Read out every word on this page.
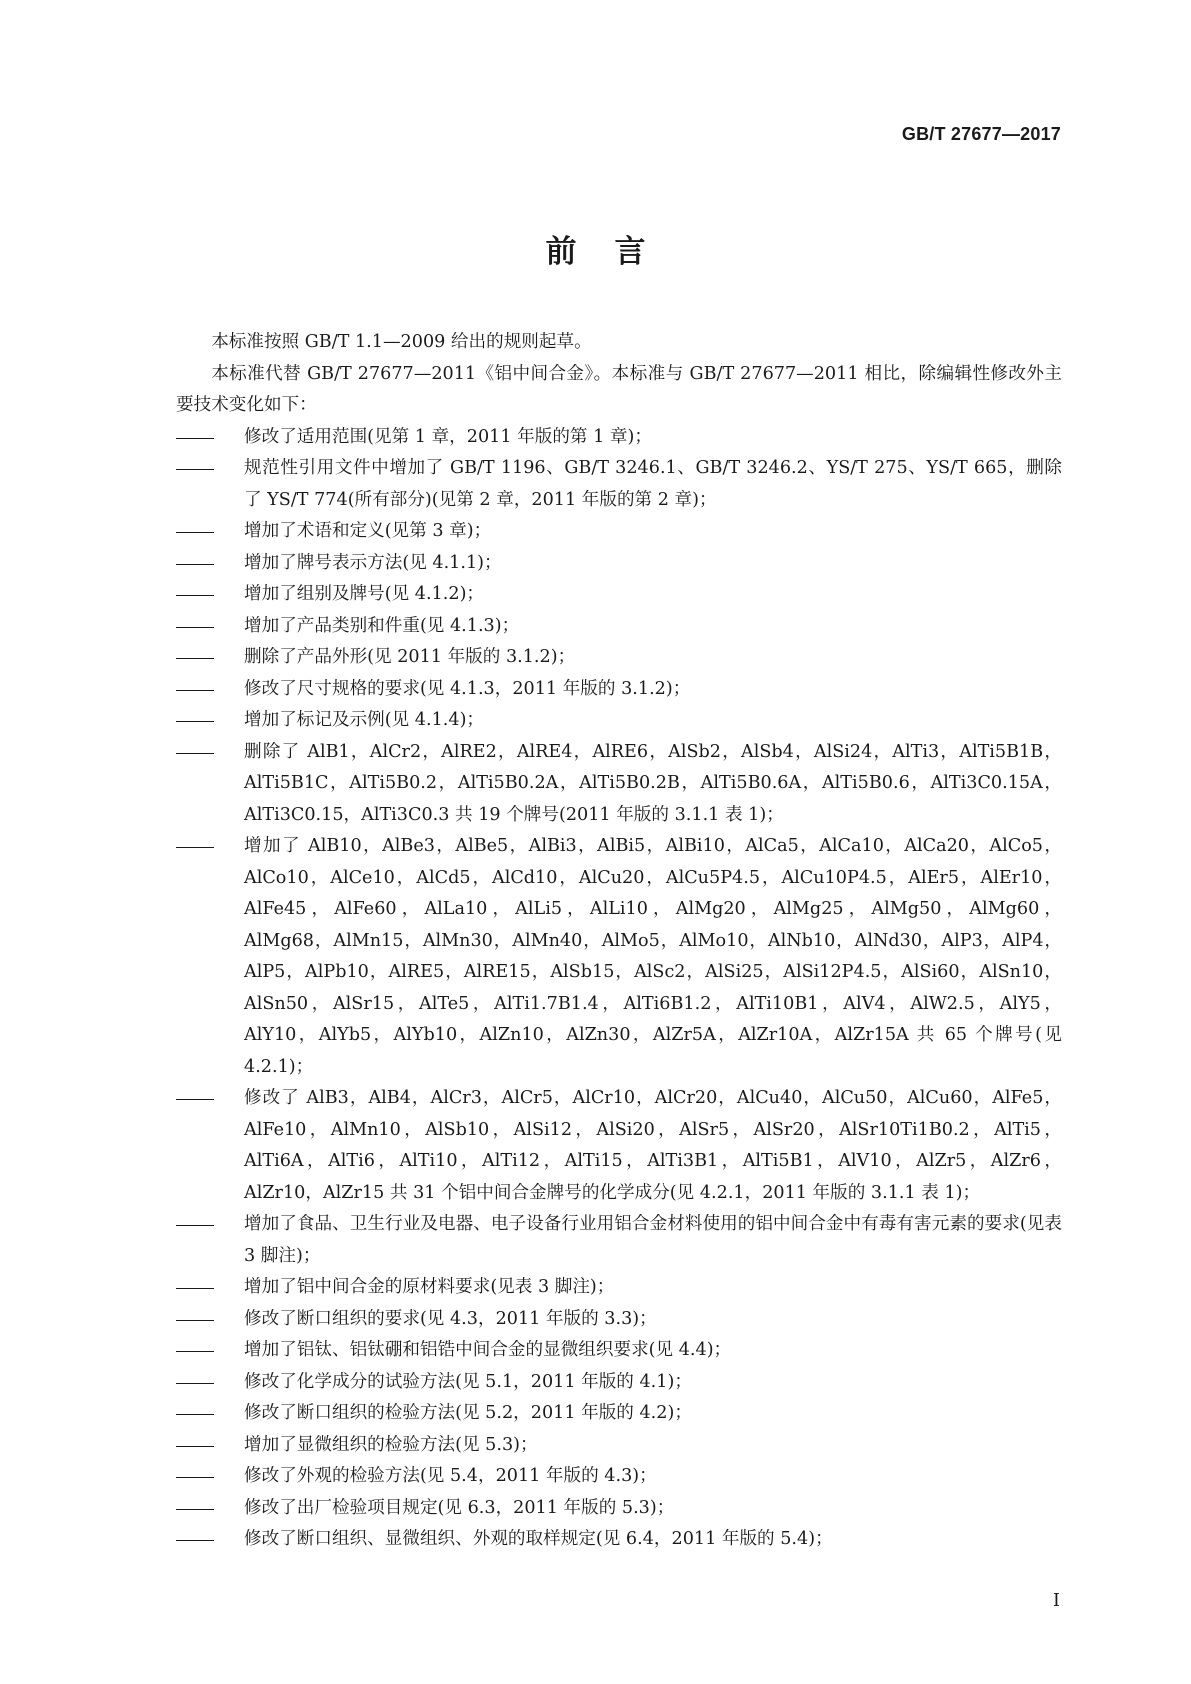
GB/T 27677—2017

前言

本标准按照 GB/T 1.1—2009 给出的规则起草。

本标准代替 GB/T 27677—2011《铝中间合金》。本标准与 GB/T 27677—2011 相比，除编辑性修改外主要技术变化如下：

修改了适用范围(见第 1 章，2011 年版的第 1 章)；

规范性引用文件中增加了 GB/T 1196、GB/T 3246.1、GB/T 3246.2、YS/T 275、YS/T 665，删除了 YS/T 774(所有部分)(见第 2 章，2011 年版的第 2 章)；

增加了术语和定义(见第 3 章)；

增加了牌号表示方法(见 4.1.1)；

增加了组别及牌号(见 4.1.2)；

增加了产品类别和件重(见 4.1.3)；

删除了产品外形(见 2011 年版的 3.1.2)；

修改了尺寸规格的要求(见 4.1.3，2011 年版的 3.1.2)；

增加了标记及示例(见 4.1.4)；

删除了 AlB1，AlCr2，AlRE2，AlRE4，AlRE6，AlSb2，AlSb4，AlSi24，AlTi3，AlTi5B1B，AlTi5B1C，AlTi5B0.2，AlTi5B0.2A，AlTi5B0.2B，AlTi5B0.6A，AlTi5B0.6，AlTi3C0.15A，AlTi3C0.15，AlTi3C0.3 共 19 个牌号(2011 年版的 3.1.1 表 1)；

增加了 AlB10，AlBe3，AlBe5，AlBi3，AlBi5，AlBi10，AlCa5，AlCa10，AlCa20，AlCo5，AlCo10，AlCe10，AlCd5，AlCd10，AlCu20，AlCu5P4.5，AlCu10P4.5，AlEr5，AlEr10，AlFe45，AlFe60，AlLa10，AlLi5，AlLi10，AlMg20，AlMg25，AlMg50，AlMg60，AlMg68，AlMn15，AlMn30，AlMn40，AlMo5，AlMo10，AlNb10，AlNd30，AlP3，AlP4，AlP5，AlPb10，AlRE5，AlRE15，AlSb15，AlSc2，AlSi25，AlSi12P4.5，AlSi60，AlSn10，AlSn50，AlSr15，AlTe5，AlTi1.7B1.4，AlTi6B1.2，AlTi10B1，AlV4，AlW2.5，AlY5，AlY10，AlYb5，AlYb10，AlZn10，AlZn30，AlZr5A，AlZr10A，AlZr15A 共 65 个牌号(见 4.2.1)；

修改了 AlB3，AlB4，AlCr3，AlCr5，AlCr10，AlCr20，AlCu40，AlCu50，AlCu60，AlFe5，AlFe10，AlMn10，AlSb10，AlSi12，AlSi20，AlSr5，AlSr20，AlSr10Ti1B0.2，AlTi5，AlTi6A，AlTi6，AlTi10，AlTi12，AlTi15，AlTi3B1，AlTi5B1，AlV10，AlZr5，AlZr6，AlZr10，AlZr15 共 31 个铝中间合金牌号的化学成分(见 4.2.1，2011 年版的 3.1.1 表 1)；

增加了食品、卫生行业及电器、电子设备行业用铝合金材料使用的铝中间合金中有毒有害元素的要求(见表 3 脚注)；

增加了铝中间合金的原材料要求(见表 3 脚注)；

修改了断口组织的要求(见 4.3，2011 年版的 3.3)；

增加了铝钛、铝钛硼和铝锆中间合金的显微组织要求(见 4.4)；

修改了化学成分的试验方法(见 5.1，2011 年版的 4.1)；

修改了断口组织的检验方法(见 5.2，2011 年版的 4.2)；

增加了显微组织的检验方法(见 5.3)；

修改了外观的检验方法(见 5.4，2011 年版的 4.3)；

修改了出厂检验项目规定(见 6.3，2011 年版的 5.3)；

修改了断口组织、显微组织、外观的取样规定(见 6.4，2011 年版的 5.4)；

I
